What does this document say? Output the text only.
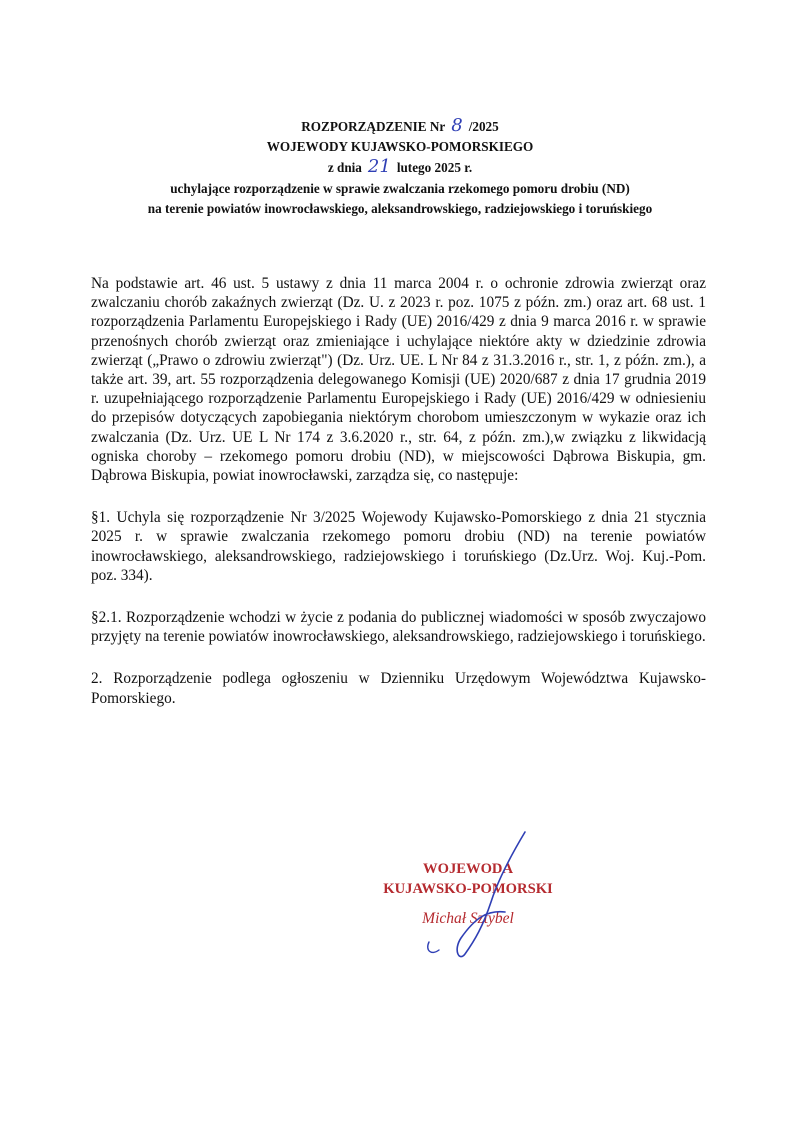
ROZPORZĄDZENIE Nr 8 /2025
WOJEWODY KUJAWSKO-POMORSKIEGO
z dnia 21 lutego 2025 r.
uchylające rozporządzenie w sprawie zwalczania rzekomego pomoru drobiu (ND)
na terenie powiatów inowrocławskiego, aleksandrowskiego, radziejowskiego i toruńskiego

Na podstawie art. 46 ust. 5 ustawy z dnia 11 marca 2004 r. o ochronie zdrowia zwierząt oraz zwalczaniu chorób zakaźnych zwierząt (Dz. U. z 2023 r. poz. 1075 z późn. zm.) oraz art. 68 ust. 1 rozporządzenia Parlamentu Europejskiego i Rady (UE) 2016/429 z dnia 9 marca 2016 r. w sprawie przenośnych chorób zwierząt oraz zmieniające i uchylające niektóre akty w dziedzinie zdrowia zwierząt („Prawo o zdrowiu zwierząt") (Dz. Urz. UE. L Nr 84 z 31.3.2016 r., str. 1, z późn. zm.), a także art. 39, art. 55 rozporządzenia delegowanego Komisji (UE) 2020/687 z dnia 17 grudnia 2019 r. uzupełniającego rozporządzenie Parlamentu Europejskiego i Rady (UE) 2016/429 w odniesieniu do przepisów dotyczących zapobiegania niektórym chorobom umieszczonym w wykazie oraz ich zwalczania (Dz. Urz. UE L Nr 174 z 3.6.2020 r., str. 64, z późn. zm.),w związku z likwidacją ogniska choroby – rzekomego pomoru drobiu (ND), w miejscowości Dąbrowa Biskupia, gm. Dąbrowa Biskupia, powiat inowrocławski, zarządza się, co następuje:

§1. Uchyla się rozporządzenie Nr 3/2025 Wojewody Kujawsko-Pomorskiego z dnia 21 stycznia 2025 r. w sprawie zwalczania rzekomego pomoru drobiu (ND) na terenie powiatów inowrocławskiego, aleksandrowskiego, radziejowskiego i toruńskiego (Dz.Urz. Woj. Kuj.-Pom. poz. 334).

§2.1. Rozporządzenie wchodzi w życie z podania do publicznej wiadomości w sposób zwyczajowo przyjęty na terenie powiatów inowrocławskiego, aleksandrowskiego, radziejowskiego i toruńskiego.

2. Rozporządzenie podlega ogłoszeniu w Dzienniku Urzędowym Województwa Kujawsko-Pomorskiego.

WOJEWODA
KUJAWSKO-POMORSKI
Michał Sztybel
